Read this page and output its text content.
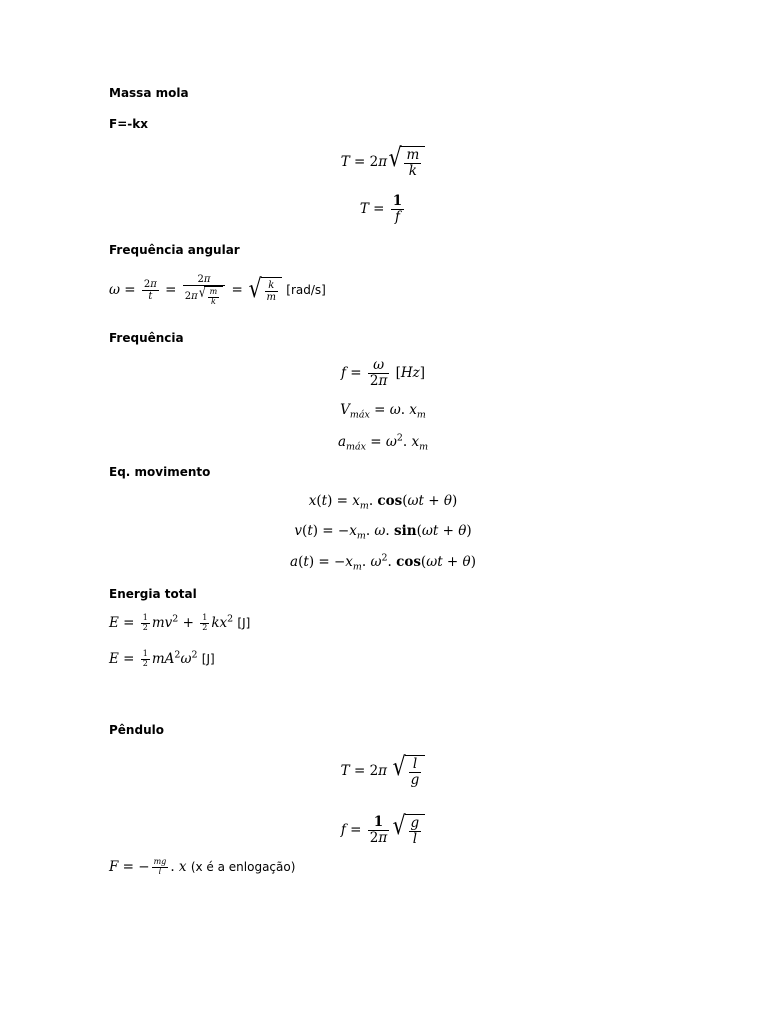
Massa mola
F=-kx
T = 2π √ $\frac{m}{k}$
$T = \frac{1}{f}$
Frequência angular
$\omega = \frac{2\pi}{t} = \frac{2\pi}{2\pi √ \frac{m}{k}}$ = √ $\frac{k}{m} [rad/s]$
Frequência
$f = \frac{\omega}{2\pi} [Hz]$
$V_{máx} = \omega$. $x_m$
$a_{máx} = \omega^2$. $x_m$
Eq. movimento
$x(t) = x_m$. cos(ωt + θ)
$v(t) = -x_m$. ω. sin(ωt + θ)
$a(t) = -x_m$. $\omega^2$. cos(ωt + θ)
Energia total
$E = \frac{1}{2} mv^2 + \frac{1}{2} kx^2$ [J]
$E = \frac{1}{2} mA^2\omega^2$ [J]
Pêndulo
T = 2π √ $\frac{l}{g}$
$f = \frac{1}{2\pi}$ √ $\frac{g}{l}$
F = − $\frac{mg}{l}$ . x (x é a enlogação)
